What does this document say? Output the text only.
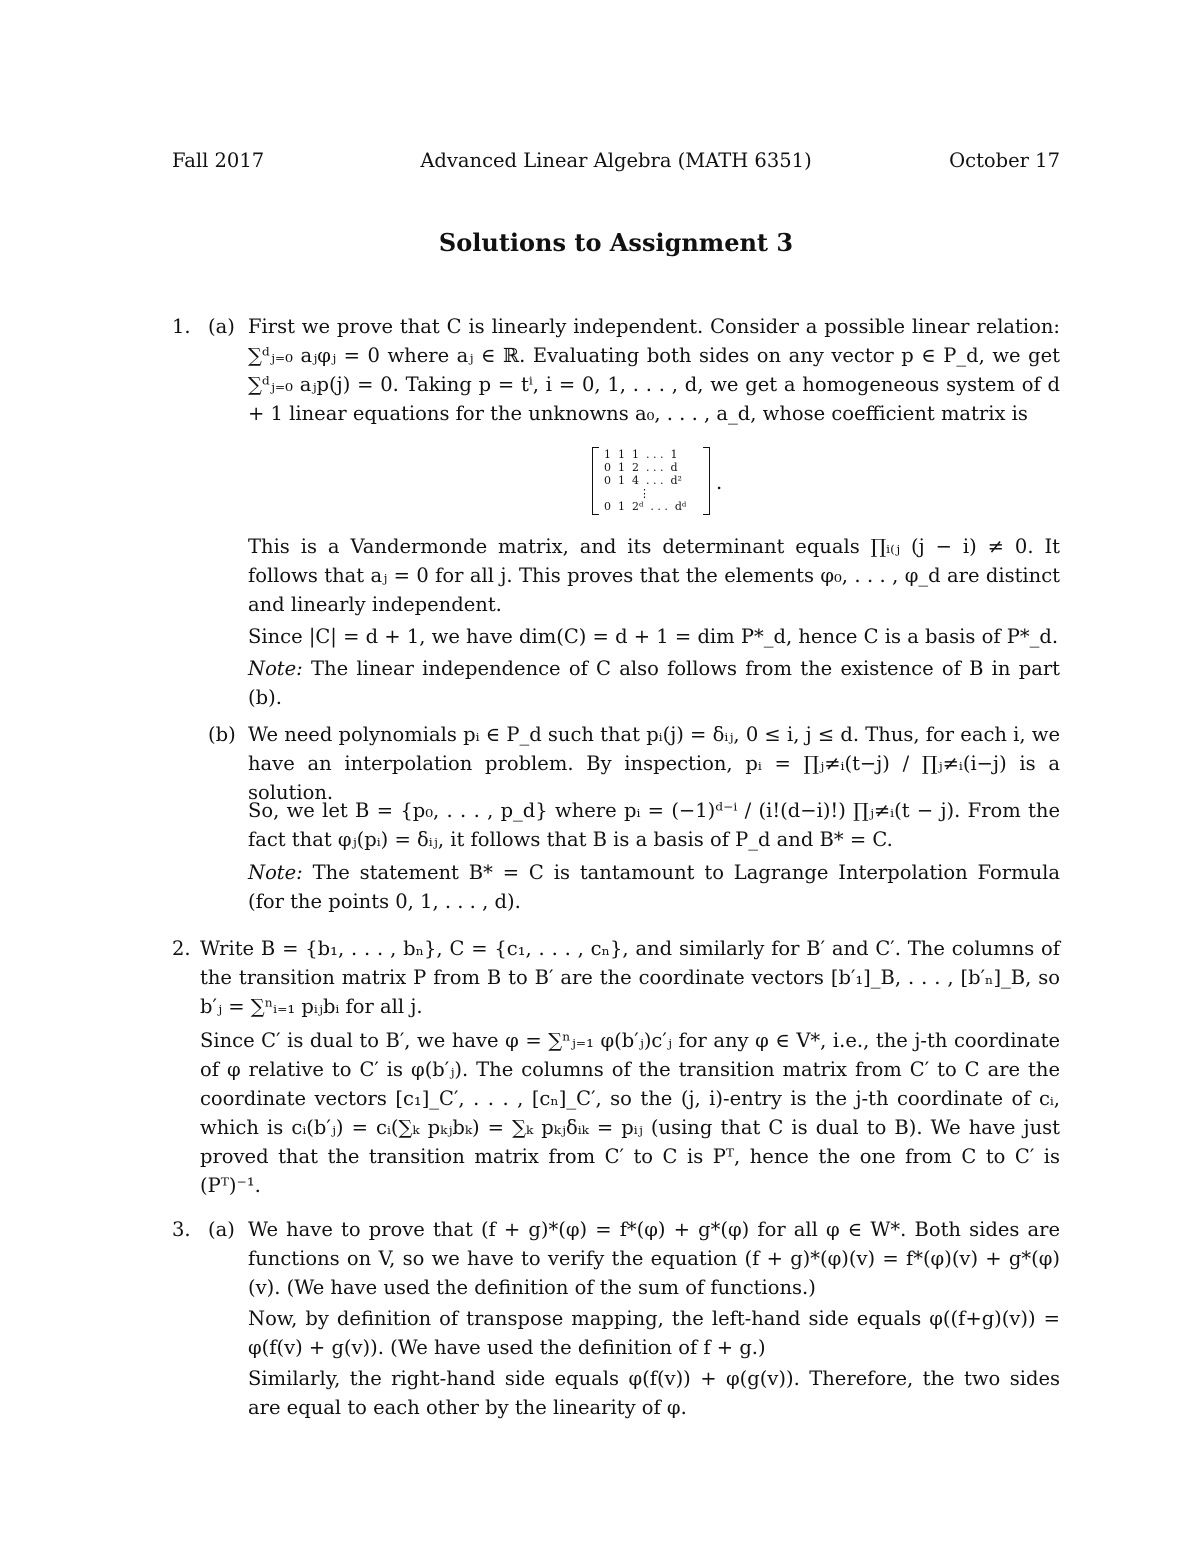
Fall 2017	Advanced Linear Algebra (MATH 6351)	October 17
Solutions to Assignment 3
1. (a) First we prove that C is linearly independent. Consider a possible linear relation: ∑ᵈⱼ₌₀ aⱼφⱼ = 0 where aⱼ ∈ ℝ. Evaluating both sides on any vector p ∈ P_d, we get ∑ᵈⱼ₌₀ aⱼp(j) = 0. Taking p = tⁱ, i = 0, 1, . . . , d, we get a homogeneous system of d + 1 linear equations for the unknowns a₀, . . . , a_d, whose coefficient matrix is

1  1  1  . . .  1
0  1  2  . . .  d
0  1  4  . . .  d²
⋮
0  1  2ᵈ  . . .  dᵈ
.

This is a Vandermonde matrix, and its determinant equals ∏ᵢ₍ⱼ (j − i) ≠ 0. It follows that aⱼ = 0 for all j. This proves that the elements φ₀, . . . , φ_d are distinct and linearly independent.

Since |C| = d + 1, we have dim(C) = d + 1 = dim P*_d, hence C is a basis of P*_d.

Note: The linear independence of C also follows from the existence of B in part (b).

(b) We need polynomials pᵢ ∈ P_d such that pᵢ(j) = δᵢⱼ, 0 ≤ i, j ≤ d. Thus, for each i, we have an interpolation problem. By inspection, pᵢ = ∏ⱼ≠ᵢ(t−j) / ∏ⱼ≠ᵢ(i−j) is a solution.

So, we let B = {p₀, . . . , p_d} where pᵢ = (−1)ᵈ⁻ⁱ / (i!(d−i)!) ∏ⱼ≠ᵢ(t − j). From the fact that φⱼ(pᵢ) = δᵢⱼ, it follows that B is a basis of P_d and B* = C.

Note: The statement B* = C is tantamount to Lagrange Interpolation Formula (for the points 0, 1, . . . , d).

2. Write B = {b₁, . . . , bₙ}, C = {c₁, . . . , cₙ}, and similarly for B′ and C′. The columns of the transition matrix P from B to B′ are the coordinate vectors [b′₁]_B, . . . , [b′ₙ]_B, so b′ⱼ = ∑ⁿᵢ₌₁ pᵢⱼbᵢ for all j.

Since C′ is dual to B′, we have φ = ∑ⁿⱼ₌₁ φ(b′ⱼ)c′ⱼ for any φ ∈ V*, i.e., the j-th coordinate of φ relative to C′ is φ(b′ⱼ). The columns of the transition matrix from C′ to C are the coordinate vectors [c₁]_C′, . . . , [cₙ]_C′, so the (j, i)-entry is the j-th coordinate of cᵢ, which is cᵢ(b′ⱼ) = cᵢ(∑ₖ pₖⱼbₖ) = ∑ₖ pₖⱼδᵢₖ = pᵢⱼ (using that C is dual to B). We have just proved that the transition matrix from C′ to C is Pᵀ, hence the one from C to C′ is (Pᵀ)⁻¹.

3. (a) We have to prove that (f + g)*(φ) = f*(φ) + g*(φ) for all φ ∈ W*. Both sides are functions on V, so we have to verify the equation (f + g)*(φ)(v) = f*(φ)(v) + g*(φ)(v). (We have used the definition of the sum of functions.)

Now, by definition of transpose mapping, the left-hand side equals φ((f+g)(v)) = φ(f(v) + g(v)). (We have used the definition of f + g.)

Similarly, the right-hand side equals φ(f(v)) + φ(g(v)). Therefore, the two sides are equal to each other by the linearity of φ.
